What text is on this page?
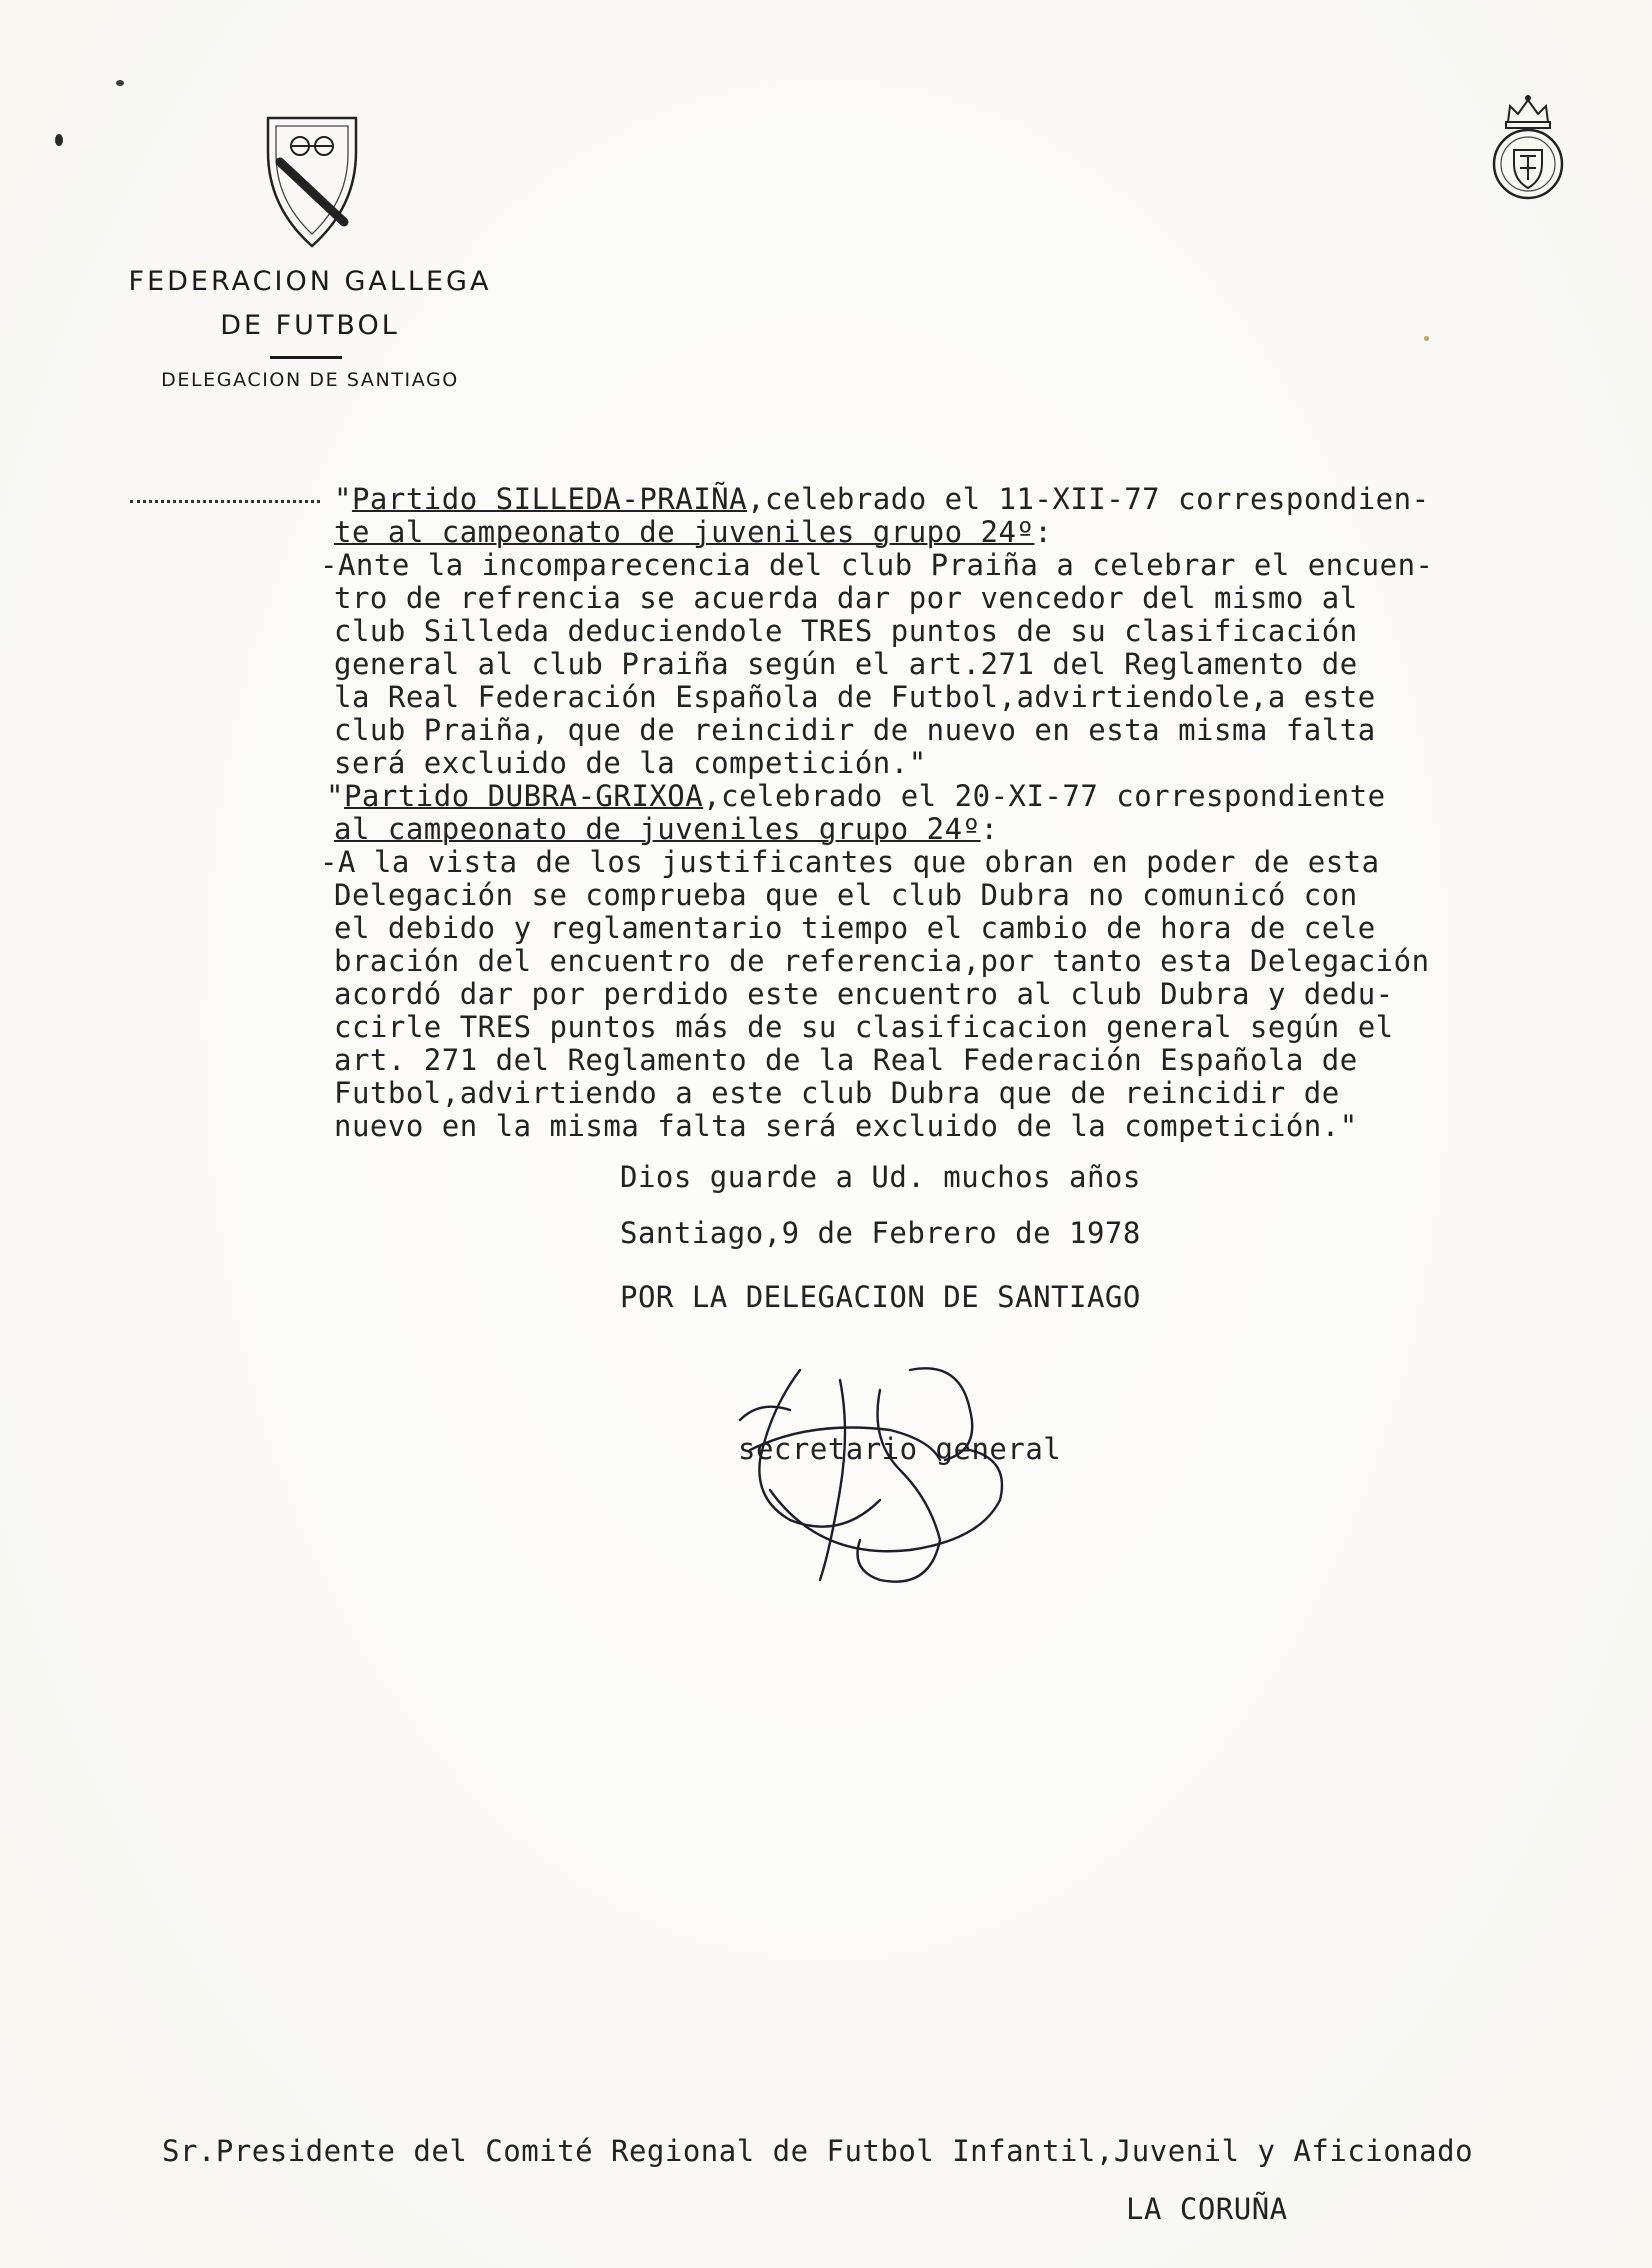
FEDERACION GALLEGA
DE FUTBOL
DELEGACION DE SANTIAGO
"Partido SILLEDA-PRAIÑA,celebrado el 11-XII-77 correspondien-
te al campeonato de juveniles grupo 24º:
-Ante la incomparecencia del club Praiña a celebrar el encuen-
tro de refrencia se acuerda dar por vencedor del mismo al
club Silleda deduciendole TRES puntos de su clasificación
general al club Praiña según el art.271 del Reglamento de
la Real Federación Española de Futbol,advirtiendole,a este
club Praiña, que de reincidir de nuevo en esta misma falta
será excluido de la competición."
"Partido DUBRA-GRIXOA,celebrado el 20-XI-77 correspondiente
al campeonato de juveniles grupo 24º:
-A la vista de los justificantes que obran en poder de esta
Delegación se comprueba que el club Dubra no comunicó con
el debido y reglamentario tiempo el cambio de hora de cele
bración del encuentro de referencia,por tanto esta Delegación
acordó dar por perdido este encuentro al club Dubra y dedu-
ccirle TRES puntos más de su clasificacion general según el
art. 271 del Reglamento de la Real Federación Española de
Futbol,advirtiendo a este club Dubra que de reincidir de
nuevo en la misma falta será excluido de la competición."
Dios guarde a Ud. muchos años
Santiago,9 de Febrero de 1978
POR LA DELEGACION DE SANTIAGO
secretario general
Sr.Presidente del Comité Regional de Futbol Infantil,Juvenil y Aficionado
LA CORUÑA
